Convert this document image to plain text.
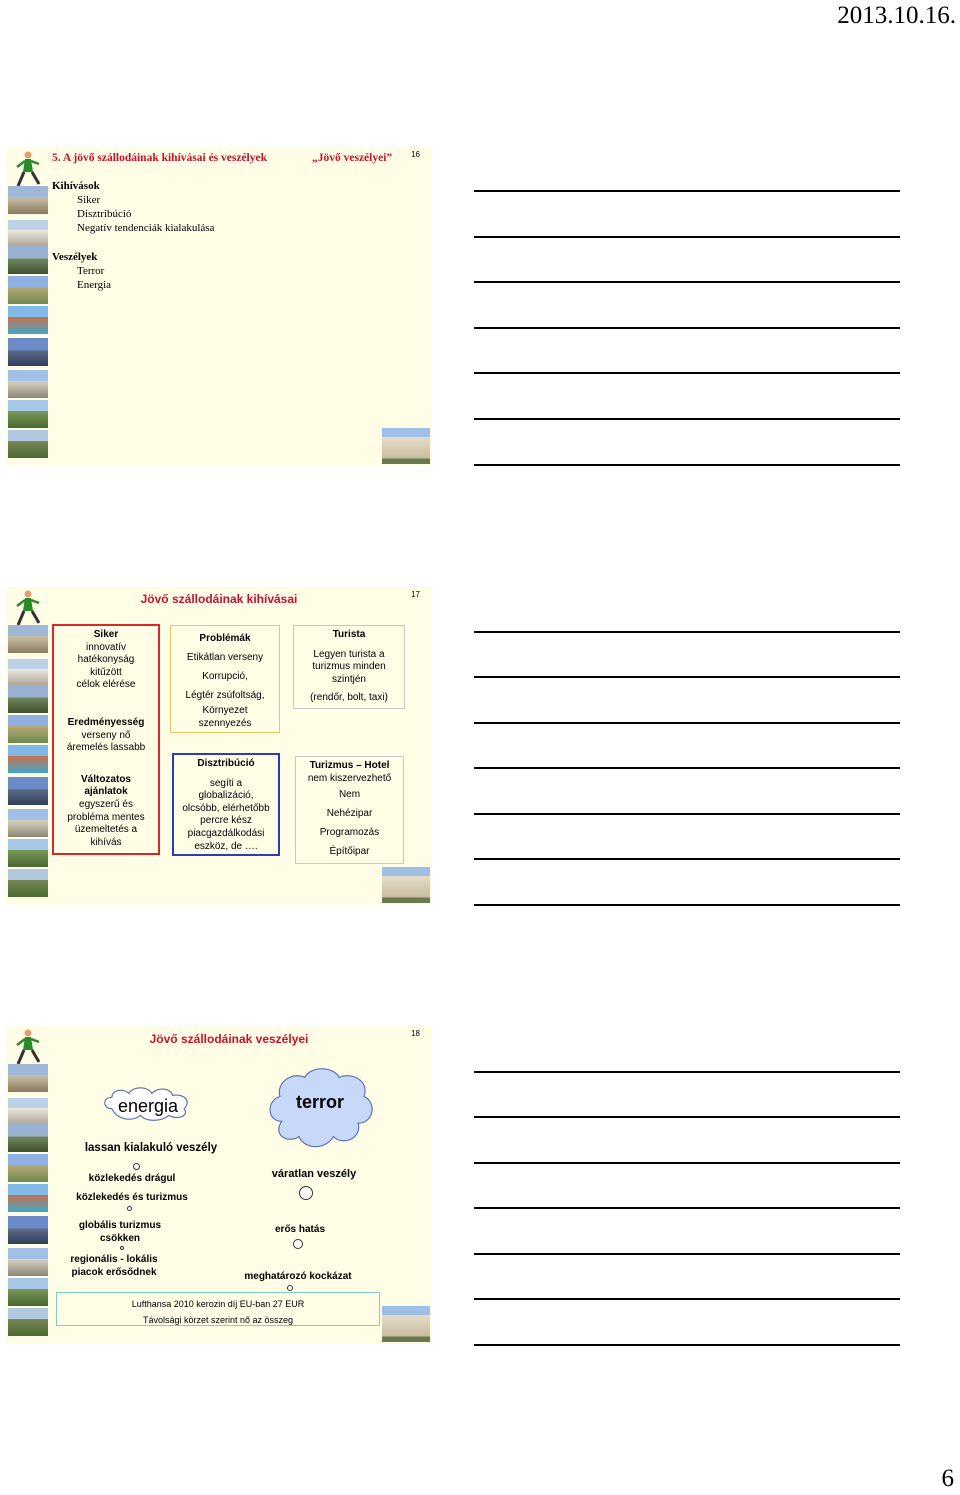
2013.10.16.
5. A jövő szállodáinak kihívásai és veszélyek	„Jövő veszélyei” 16
Kihívások
Siker
Disztribúció
Negatív tendenciák kialakulása
Veszélyek
Terror
Energia
Jövő szállodáinak kihívásai	17
Siker
innovatív
hatékonyság
kitűzött
célok elérése
Eredményesség
verseny nő
áremelés lassabb
Változatos
ajánlatok
egyszerű és
probléma mentes
üzemeltetés a
kihívás
Problémák
Etikátlan verseny
Korrupció,
Légtér zsúfoltság,
Környezet
szennyezés
Disztribúció
segíti a
globalizáció,
olcsóbb, elérhetőbb
percre kész
piacgazdálkodási
eszköz, de ….
Turista
Legyen turista a
turizmus minden
szintjén
(rendőr, bolt, taxi)
Turizmus – Hotel
nem kiszervezhető
Nem
Nehézipar
Programozás
Építőipar
Jövő szállodáinak veszélyei	18
energia	terror
lassan kialakuló veszély
közlekedés drágul
közlekedés és turizmus
globális turizmus
csökken
regionális - lokális
piacok erősődnek
váratlan veszély
erős hatás
meghatározó kockázat
Lufthansa 2010 kerozin díj EU-ban 27 EUR
Távolsági körzet szerint nő az összeg
6
